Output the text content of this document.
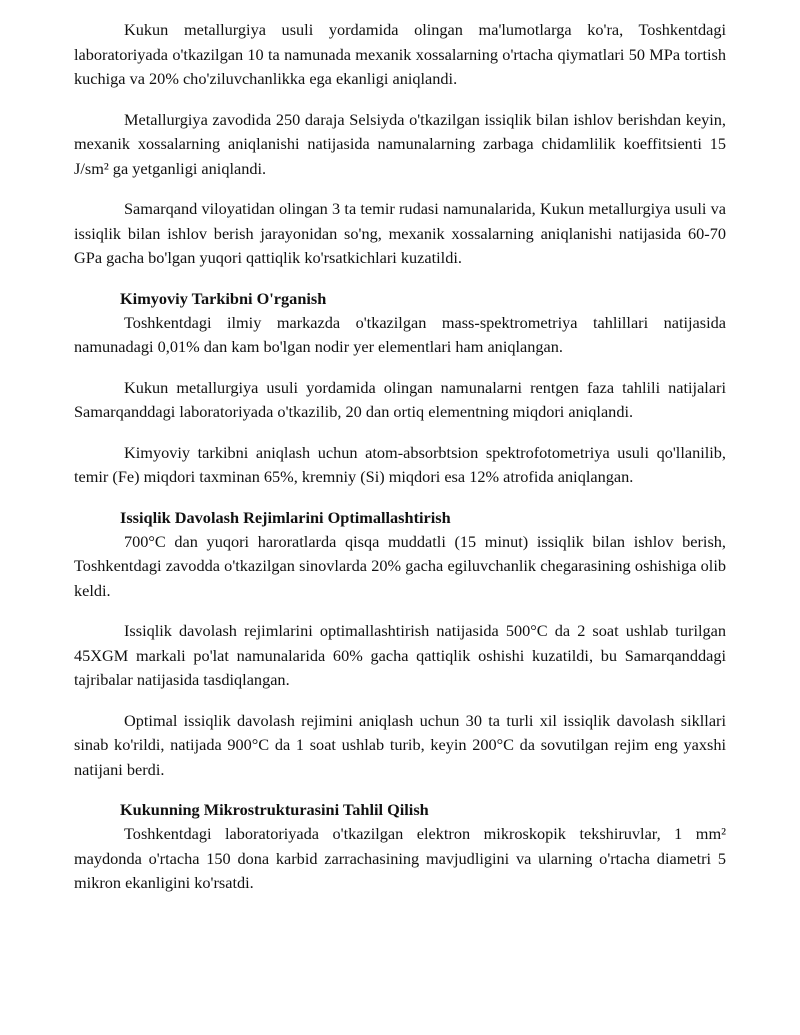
Kukun metallurgiya usuli yordamida olingan ma'lumotlarga ko'ra, Toshkentdagi laboratoriyada o'tkazilgan 10 ta namunada mexanik xossalarning o'rtacha qiymatlari 50 MPa tortish kuchiga va 20% cho'ziluvchanlikka ega ekanligi aniqlandi.

Metallurgiya zavodida 250 daraja Selsiyda o'tkazilgan issiqlik bilan ishlov berishdan keyin, mexanik xossalarning aniqlanishi natijasida namunalarning zarbaga chidamlilik koeffitsienti 15 J/sm² ga yetganligi aniqlandi.

Samarqand viloyatidan olingan 3 ta temir rudasi namunalarida, Kukun metallurgiya usuli va issiqlik bilan ishlov berish jarayonidan so'ng, mexanik xossalarning aniqlanishi natijasida 60-70 GPa gacha bo'lgan yuqori qattiqlik ko'rsatkichlari kuzatildi.

Kimyoviy Tarkibni O'rganish

Toshkentdagi ilmiy markazda o'tkazilgan mass-spektrometriya tahlillari natijasida namunadagi 0,01% dan kam bo'lgan nodir yer elementlari ham aniqlangan.

Kukun metallurgiya usuli yordamida olingan namunalarni rentgen faza tahlili natijalari Samarqanddagi laboratoriyada o'tkazilib, 20 dan ortiq elementning miqdori aniqlandi.

Kimyoviy tarkibni aniqlash uchun atom-absorbtsion spektrofotometriya usuli qo'llanilib, temir (Fe) miqdori taxminan 65%, kremniy (Si) miqdori esa 12% atrofida aniqlangan.

Issiqlik Davolash Rejimlarini Optimallashtirish

700°C dan yuqori haroratlarda qisqa muddatli (15 minut) issiqlik bilan ishlov berish, Toshkentdagi zavodda o'tkazilgan sinovlarda 20% gacha egiluvchanlik chegarasining oshishiga olib keldi.

Issiqlik davolash rejimlarini optimallashtirish natijasida 500°C da 2 soat ushlab turilgan 45XGM markali po'lat namunalarida 60% gacha qattiqlik oshishi kuzatildi, bu Samarqanddagi tajribalar natijasida tasdiqlangan.

Optimal issiqlik davolash rejimini aniqlash uchun 30 ta turli xil issiqlik davolash sikllari sinab ko'rildi, natijada 900°C da 1 soat ushlab turib, keyin 200°C da sovutilgan rejim eng yaxshi natijani berdi.

Kukunning Mikrostrukturasini Tahlil Qilish

Toshkentdagi laboratoriyada o'tkazilgan elektron mikroskopik tekshiruvlar, 1 mm² maydonda o'rtacha 150 dona karbid zarrachasining mavjudligini va ularning o'rtacha diametri 5 mikron ekanligini ko'rsatdi.
